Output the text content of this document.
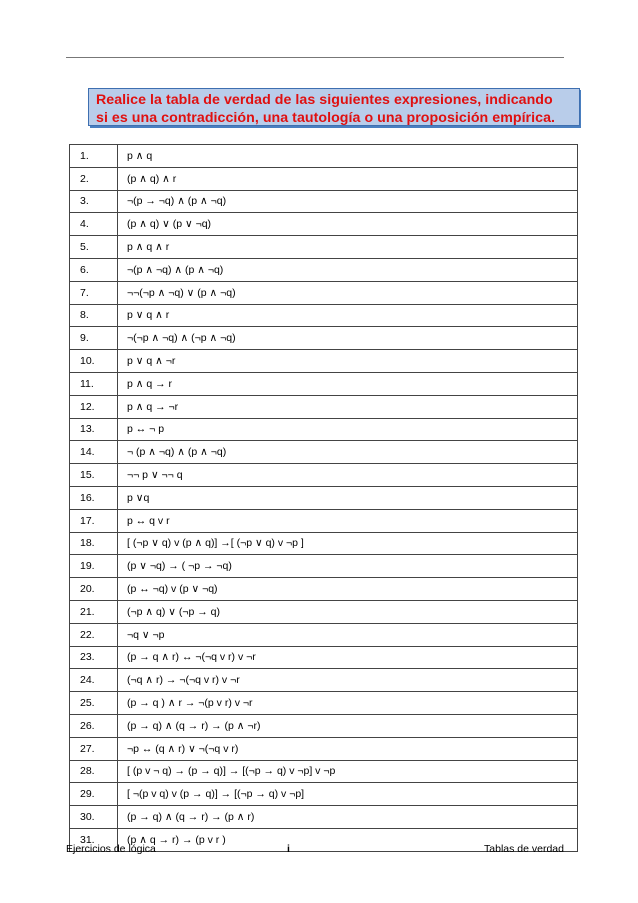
Realice la tabla de verdad de las siguientes expresiones, indicando
si es una contradicción, una tautología o una proposición empírica.
1.	p ∧ q
2.	(p ∧ q) ∧ r
3.	¬(p → ¬q) ∧ (p ∧ ¬q)
4.	(p ∧ q) ∨ (p ∨ ¬q)
5.	p ∧ q ∧ r
6.	¬(p ∧ ¬q) ∧ (p ∧ ¬q)
7.	¬¬(¬p ∧ ¬q) ∨ (p ∧ ¬q)
8.	p ∨ q ∧ r
9.	¬(¬p ∧ ¬q) ∧ (¬p ∧ ¬q)
10.	p ∨ q ∧ ¬r
11.	p ∧ q → r
12.	p ∧ q → ¬r
13.	p ↔ ¬ p
14.	¬ (p ∧ ¬q) ∧ (p ∧ ¬q)
15.	¬¬ p ∨ ¬¬ q
16.	p ∨q
17.	p ↔ q v r
18.	[ (¬p ∨ q) v (p ∧ q)] →[ (¬p ∨ q) v ¬p ]
19.	(p ∨ ¬q) → ( ¬p → ¬q)
20.	(p ↔ ¬q) v (p ∨ ¬q)
21.	(¬p ∧ q) ∨ (¬p → q)
22.	¬q ∨ ¬p
23.	(p → q ∧ r) ↔ ¬(¬q v r) v ¬r
24.	(¬q ∧ r) → ¬(¬q v r) v ¬r
25.	(p → q ) ∧ r → ¬(p v r) v ¬r
26.	(p → q) ∧ (q → r) → (p ∧ ¬r)
27.	¬p ↔ (q ∧ r) ∨ ¬(¬q v r)
28.	[ (p v ¬ q) → (p → q)] → [(¬p → q) v ¬p] v ¬p
29.	[ ¬(p v q) v (p → q)] → [(¬p → q) v ¬p]
30.	(p → q) ∧ (q → r) → (p ∧ r)
31.	(p ∧ q → r) → (p v r )
Ejercicios de lógica	i	Tablas de verdad
